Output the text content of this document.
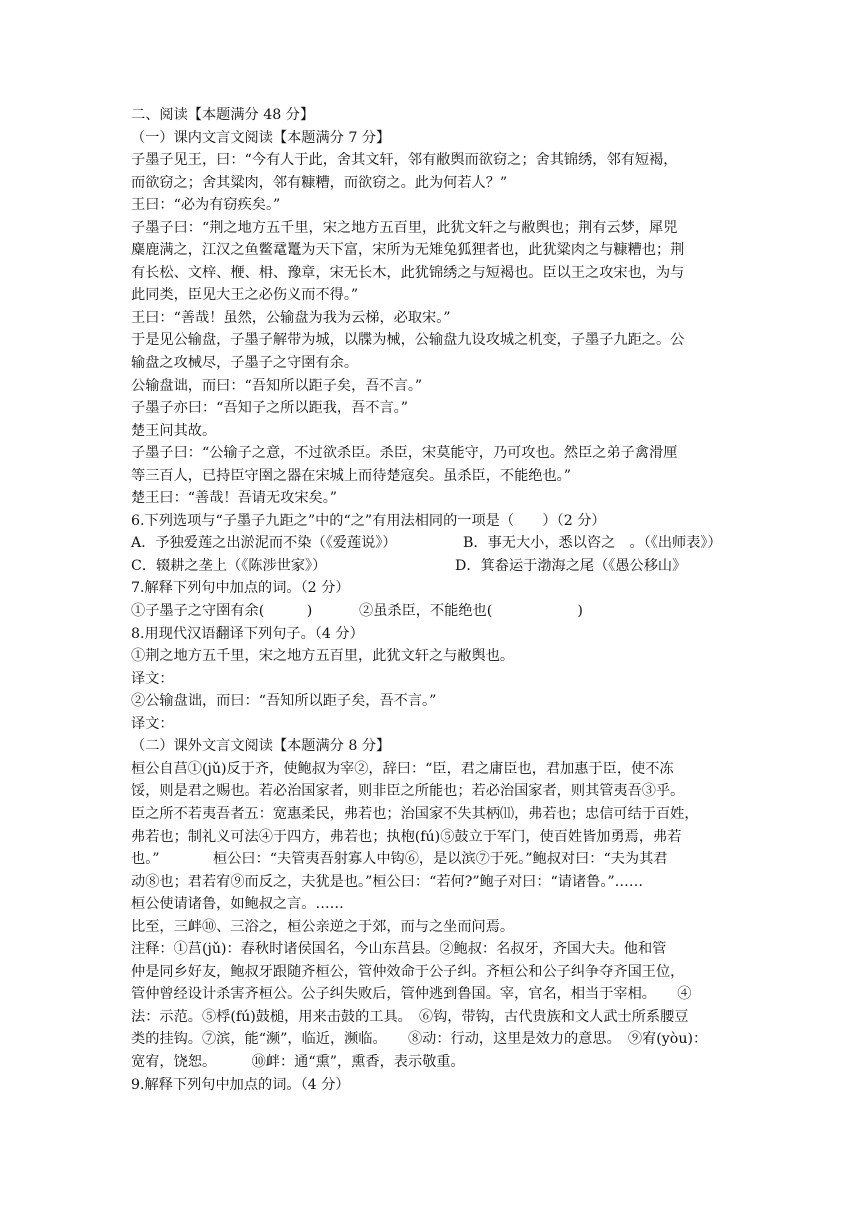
二、阅读【本题满分 48 分】
（一）课内文言文阅读【本题满分 7 分】
子墨子见王，曰：“今有人于此，舍其文轩，邻有敝舆而欲窃之；舍其锦绣，邻有短褐，
而欲窃之；舍其粱肉，邻有糠糟，而欲窃之。此为何若人？”
王曰：“必为有窃疾矣。”
子墨子曰：“荆之地方五千里，宋之地方五百里，此犹文轩之与敝舆也；荆有云梦，犀兕
麋鹿满之，江汉之鱼鳖鼋鼍为天下富，宋所为无雉兔狐狸者也，此犹粱肉之与糠糟也；荆
有长松、文梓、楩、枏、豫章，宋无长木，此犹锦绣之与短褐也。臣以王之攻宋也，为与
此同类，臣见大王之必伤义而不得。”
王曰：“善哉！虽然，公输盘为我为云梯，必取宋。”
于是见公输盘，子墨子解带为城，以牒为械，公输盘九设攻城之机变，子墨子九距之。公
输盘之攻械尽，子墨子之守圉有余。
公输盘诎，而曰：“吾知所以距子矣，吾不言。”
子墨子亦曰：“吾知子之所以距我，吾不言。”
楚王问其故。
子墨子曰：“公输子之意，不过欲杀臣。杀臣，宋莫能守，乃可攻也。然臣之弟子禽滑厘
等三百人，已持臣守圉之器在宋城上而待楚寇矣。虽杀臣，不能绝也。”
楚王曰：“善哉！吾请无攻宋矣。”
6.下列选项与“子墨子九距之”中的“之”有用法相同的一项是（　　）（2 分）
A．予独爱莲之出淤泥而不染（《爱莲说》）	B．事无大小，悉以咨之　。（《出师表》）
C．辍耕之垄上（《陈涉世家》）	D．箕畚运于渤海之尾（《愚公移山》
7.解释下列句中加点的词。（2 分）
①子墨子之守圉有余(　　　)	②虽杀臣，不能绝也(　　　　　　)
8.用现代汉语翻译下列句子。（4 分）
①荆之地方五千里，宋之地方五百里，此犹文轩之与敝舆也。
译文：
②公输盘诎，而曰：“吾知所以距子矣，吾不言。”
译文：
（二）课外文言文阅读【本题满分 8 分】
桓公自莒①(jǔ)反于齐，使鲍叔为宰②，辞曰：“臣，君之庸臣也，君加惠于臣，使不冻
馁，则是君之赐也。若必治国家者，则非臣之所能也；若必治国家者，则其管夷吾③乎。
臣之所不若夷吾者五：宽惠柔民，弗若也；治国家不失其柄⑾，弗若也；忠信可结于百姓，
弗若也；制礼义可法④于四方，弗若也；执枹(fú)⑤鼓立于军门，使百姓皆加勇焉，弗若
也。”	桓公曰：“夫管夷吾射寡人中钩⑥，是以滨⑦于死。”鲍叔对曰：“夫为其君
动⑧也；君若宥⑨而反之，夫犹是也。”桓公曰：“若何?”鲍子对曰：“请诸鲁。”……
桓公使请诸鲁，如鲍叔之言。……
比至，三衅⑩、三浴之，桓公亲逆之于郊，而与之坐而问焉。
注释：①莒(jǔ)：春秋时诸侯国名，今山东莒县。②鲍叔：名叔牙，齐国大夫。他和管
仲是同乡好友，鲍叔牙跟随齐桓公，管仲效命于公子纠。齐桓公和公子纠争夺齐国王位，
管仲曾经设计杀害齐桓公。公子纠失败后，管仲逃到鲁国。宰，官名，相当于宰相。　　④
法：示范。⑤桴(fú)鼓槌，用来击鼓的工具。　⑥钩，带钩，古代贵族和文人武士所系腰豆
类的挂钩。⑦滨，能“濒”，临近，濒临。　　⑧动：行动，这里是效力的意思。　⑨宥(yòu)：
宽宥，饶恕。　　　⑩衅：通“熏”，熏香，表示敬重。
9.解释下列句中加点的词。（4 分）
